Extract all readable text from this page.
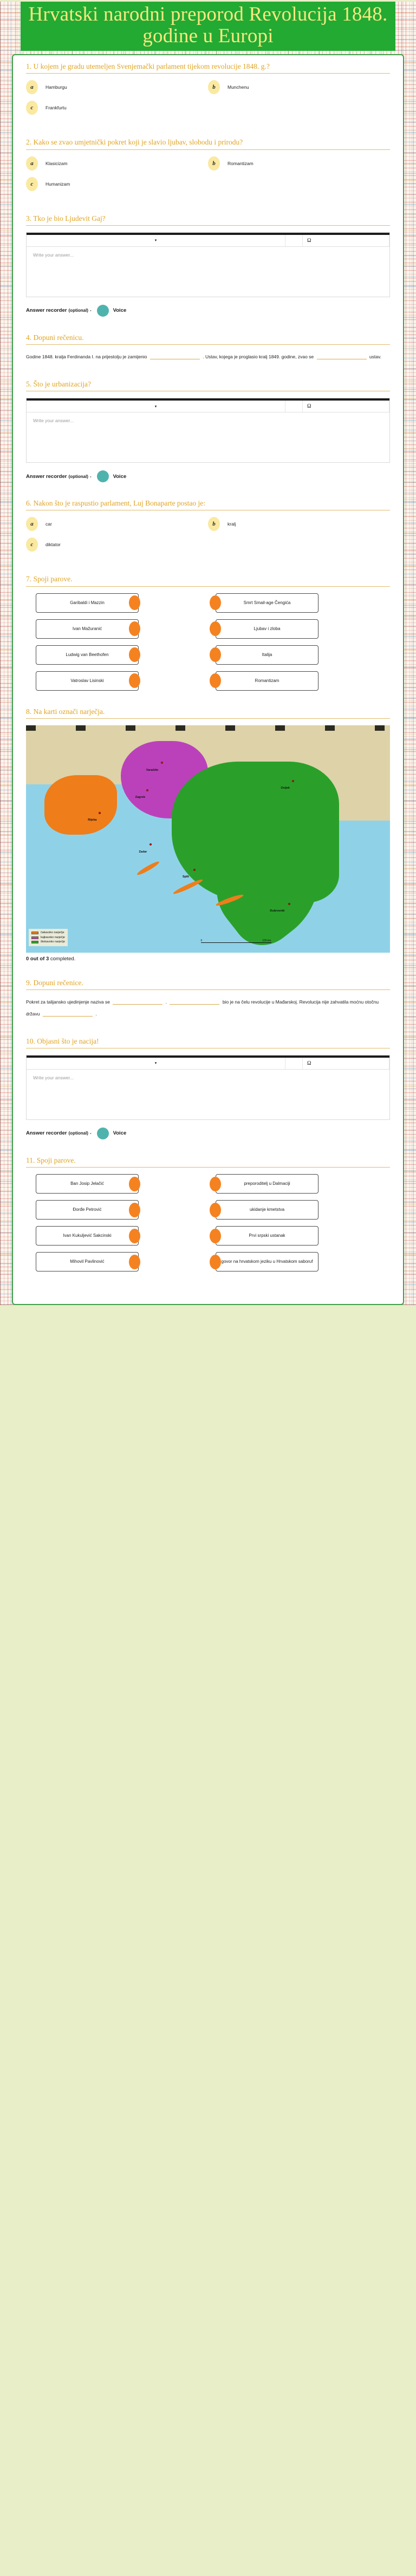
Hrvatski narodni preporod Revolucija 1848. godine u Europi

1. U kojem je gradu utemeljen Svenjemački parlament tijekom revolucije 1848. g.?

a	Hamburgu	b	Munchenu
c	Frankfurtu

2. Kako se zvao umjetnički pokret koji je slavio ljubav, slobodu i prirodu?

a	Klasicizam	b	Romantizam
c	Humanizam

3. Tko je bio Ljudevit Gaj?

▾	Ω
Write your answer...
Answer recorder (optional) -	Voice

4. Dopuni rečenicu.

Godine 1848. kralja Ferdinanda I. na prijestolju je zamijenio	. Ustav, kojega je proglasio kralj 1849. godine, zvao se	ustav.

5. Što je urbanizacija?

▾	Ω
Write your answer...
Answer recorder (optional) -	Voice

6. Nakon što je raspustio parlament, Luj Bonaparte postao je:

a	car	b	kralj
c	diktator

7. Spoji parove.

Garibaldi i Mazzin	Smrt Smail-age Čengića
Ivan Mažuranić	Ljubav i zloba
Ludwig van Beethofen	Italija
Vatroslav Lisinski	Romantizam

8. Na karti označi narječja.

Varaždin
Zagreb
Osijek
Rijeka
Zadar
Split
Dubrovnik
čakavsko narječje
kajkavsko narječje
štokavsko narječje	0	100 km
0 out of 3 completed.

9. Dopuni rečenice.

Pokret za talijansko ujedinjenje naziva se	.	bio je na čelu revolucije u Mađarskoj. Revolucija nije zahvatila moćnu otočnu državu	.

10. Objasni što je nacija!

▾	Ω
Write your answer...
Answer recorder (optional) -	Voice

11. Spoji parove.

Ban Josip Jelačić	preporoditelj u Dalmaciji
Đorđe Petrović	ukidanje kmetstva
Ivan Kukuljević Sakcinski	Prvi srpski ustanak
Mihovil Pavlinović	govor na hrvatskom jeziku u Hrvatskom saboruf
